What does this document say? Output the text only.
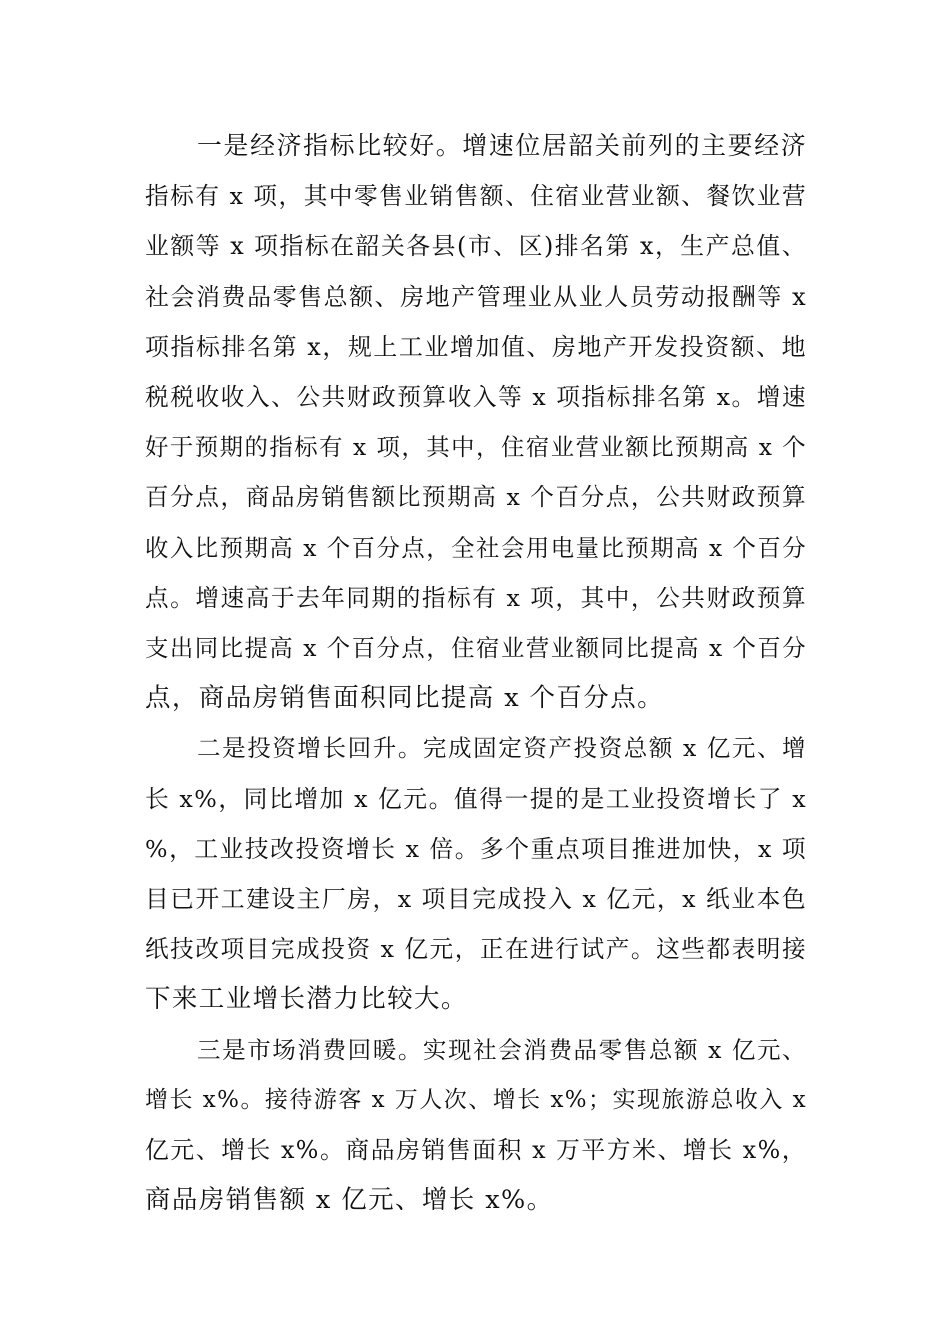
一是经济指标比较好。增速位居韶关前列的主要经济
指标有 x 项，其中零售业销售额、住宿业营业额、餐饮业营
业额等 x 项指标在韶关各县(市、区)排名第 x，生产总值、
社会消费品零售总额、房地产管理业从业人员劳动报酬等 x
项指标排名第 x，规上工业增加值、房地产开发投资额、地
税税收收入、公共财政预算收入等 x 项指标排名第 x。增速
好于预期的指标有 x 项，其中，住宿业营业额比预期高 x 个
百分点，商品房销售额比预期高 x 个百分点，公共财政预算
收入比预期高 x 个百分点，全社会用电量比预期高 x 个百分
点。增速高于去年同期的指标有 x 项，其中，公共财政预算
支出同比提高 x 个百分点，住宿业营业额同比提高 x 个百分
点，商品房销售面积同比提高 x 个百分点。
二是投资增长回升。完成固定资产投资总额 x 亿元、增
长 x%，同比增加 x 亿元。值得一提的是工业投资增长了 x
%，工业技改投资增长 x 倍。多个重点项目推进加快，x 项
目已开工建设主厂房，x 项目完成投入 x 亿元，x 纸业本色
纸技改项目完成投资 x 亿元，正在进行试产。这些都表明接
下来工业增长潜力比较大。
三是市场消费回暖。实现社会消费品零售总额 x 亿元、
增长 x%。接待游客 x 万人次、增长 x%；实现旅游总收入 x
亿元、增长 x%。商品房销售面积 x 万平方米、增长 x%，
商品房销售额 x 亿元、增长 x%。
